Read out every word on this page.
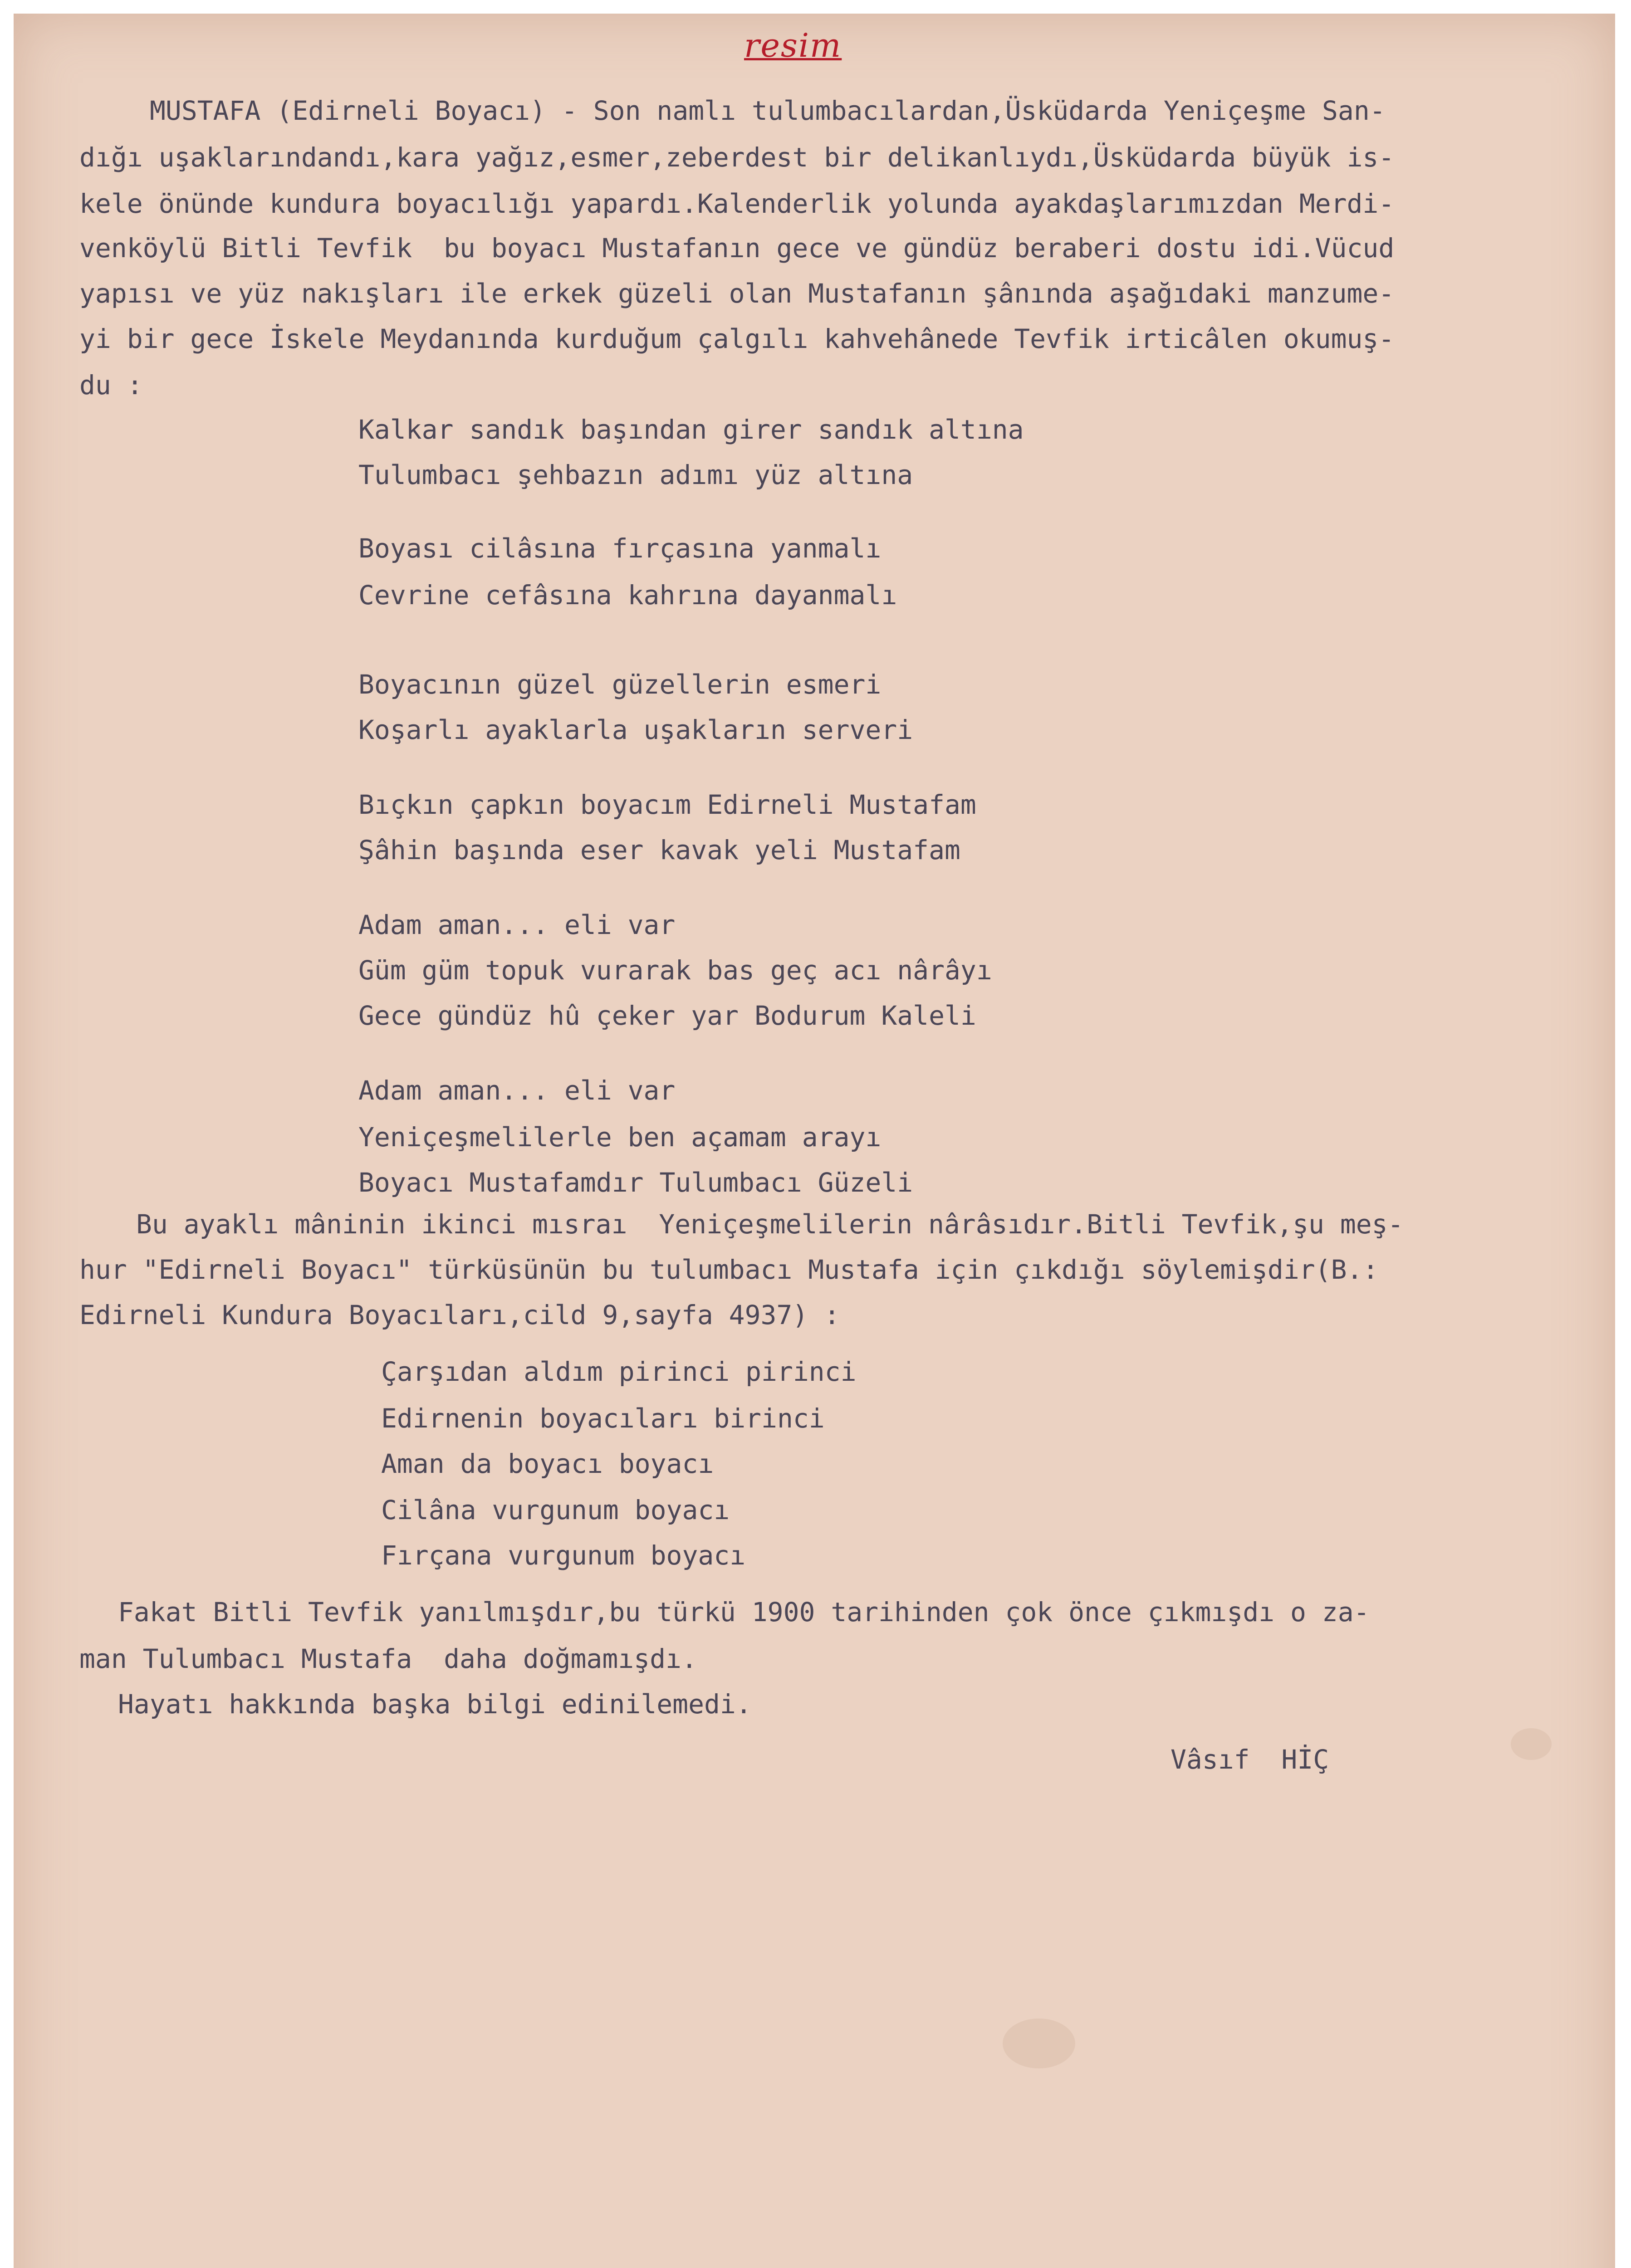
resim
MUSTAFA (Edirneli Boyacı) - Son namlı tulumbacılardan,Üsküdarda Yeniçeşme San-
dığı uşaklarındandı,kara yağız,esmer,zeberdest bir delikanlıydı,Üsküdarda büyük is-
kele önünde kundura boyacılığı yapardı.Kalenderlik yolunda ayakdaşlarımızdan Merdi-
venköylü Bitli Tevfik  bu boyacı Mustafanın gece ve gündüz beraberi dostu idi.Vücud
yapısı ve yüz nakışları ile erkek güzeli olan Mustafanın şânında aşağıdaki manzume-
yi bir gece İskele Meydanında kurduğum çalgılı kahvehânede Tevfik irticâlen okumuş-
du :
Kalkar sandık başından girer sandık altına
Tulumbacı şehbazın adımı yüz altına
Boyası cilâsına fırçasına yanmalı
Cevrine cefâsına kahrına dayanmalı
Boyacının güzel güzellerin esmeri
Koşarlı ayaklarla uşakların serveri
Bıçkın çapkın boyacım Edirneli Mustafam
Şâhin başında eser kavak yeli Mustafam
Adam aman... eli var
Güm güm topuk vurarak bas geç acı nârâyı
Gece gündüz hû çeker yar Bodurum Kaleli
Adam aman... eli var
Yeniçeşmelilerle ben açamam arayı
Boyacı Mustafamdır Tulumbacı Güzeli
Bu ayaklı mâninin ikinci mısraı  Yeniçeşmelilerin nârâsıdır.Bitli Tevfik,şu meş-
hur "Edirneli Boyacı" türküsünün bu tulumbacı Mustafa için çıkdığı söylemişdir(B.:
Edirneli Kundura Boyacıları,cild 9,sayfa 4937) :
Çarşıdan aldım pirinci pirinci
Edirnenin boyacıları birinci
Aman da boyacı boyacı
Cilâna vurgunum boyacı
Fırçana vurgunum boyacı
Fakat Bitli Tevfik yanılmışdır,bu türkü 1900 tarihinden çok önce çıkmışdı o za-
man Tulumbacı Mustafa  daha doğmamışdı.
Hayatı hakkında başka bilgi edinilemedi.
Vâsıf  HİÇ
